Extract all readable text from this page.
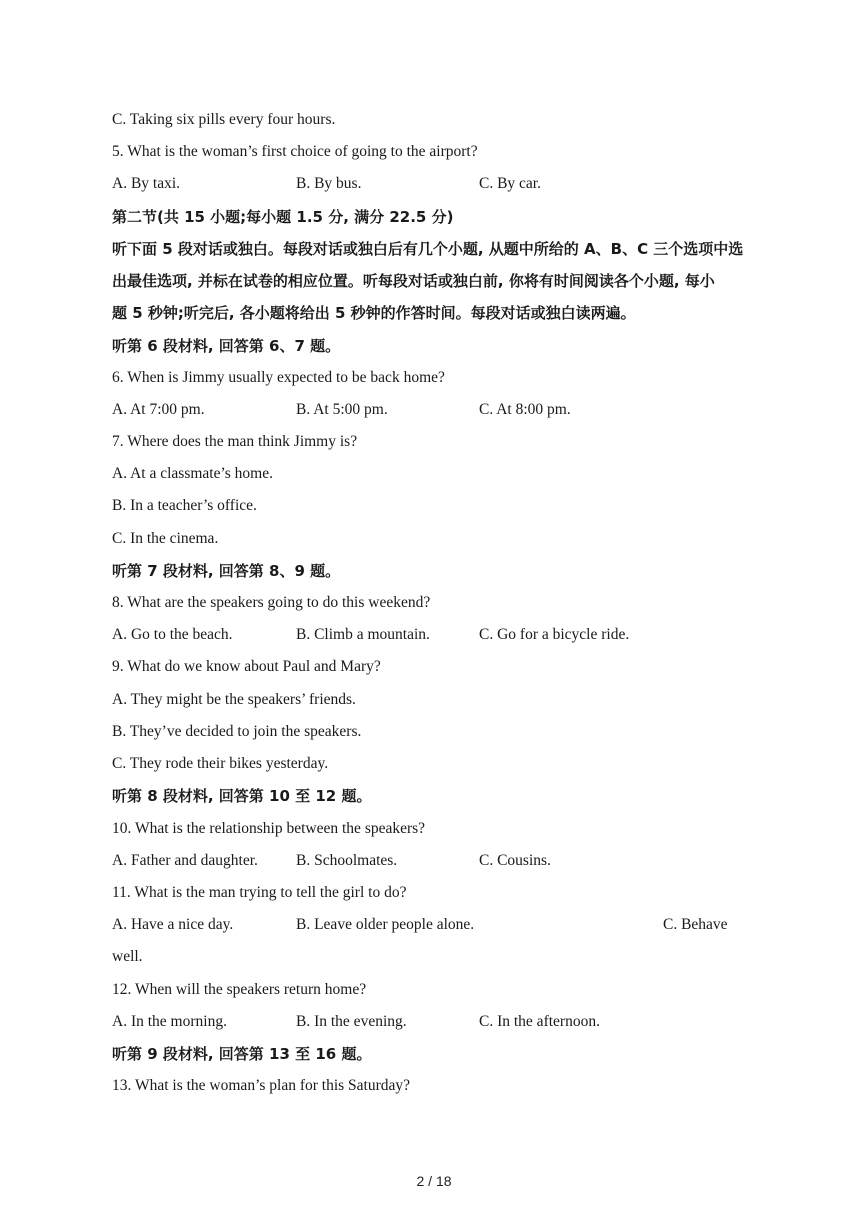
C. Taking six pills every four hours.
5. What is the woman’s first choice of going to the airport?
A. By taxi.	B. By bus.	C. By car.
第二节(共 15 小题;每小题 1.5 分, 满分 22.5 分)
听下面 5 段对话或独白。每段对话或独白后有几个小题, 从题中所给的 A、B、C 三个选项中选
出最佳选项, 并标在试卷的相应位置。听每段对话或独白前, 你将有时间阅读各个小题, 每小
题 5 秒钟;听完后, 各小题将给出 5 秒钟的作答时间。每段对话或独白读两遍。
听第 6 段材料, 回答第 6、7 题。
6. When is Jimmy usually expected to be back home?
A. At 7:00 pm.	B. At 5:00 pm.	C. At 8:00 pm.
7. Where does the man think Jimmy is?
A. At a classmate’s home.
B. In a teacher’s office.
C. In the cinema.
听第 7 段材料, 回答第 8、9 题。
8. What are the speakers going to do this weekend?
A. Go to the beach.	B. Climb a mountain.	C. Go for a bicycle ride.
9. What do we know about Paul and Mary?
A. They might be the speakers’ friends.
B. They’ve decided to join the speakers.
C. They rode their bikes yesterday.
听第 8 段材料, 回答第 10 至 12 题。
10. What is the relationship between the speakers?
A. Father and daughter. B. Schoolmates.	C. Cousins.
11. What is the man trying to tell the girl to do?
A. Have a nice day.	B. Leave older people alone.	C. Behave
well.
12. When will the speakers return home?
A. In the morning.	B. In the evening.	C. In the afternoon.
听第 9 段材料, 回答第 13 至 16 题。
13. What is the woman’s plan for this Saturday?
2 / 18
